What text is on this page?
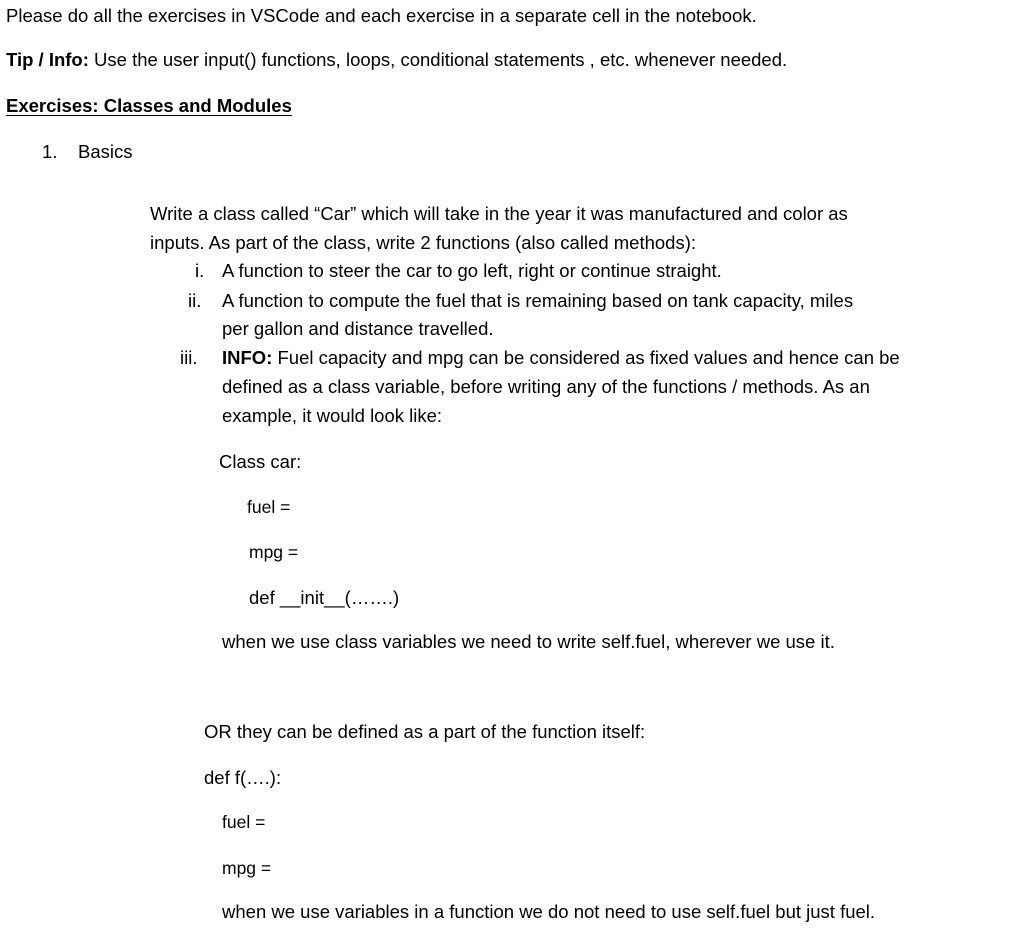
Please do all the exercises in VSCode and each exercise in a separate cell in the notebook.
Tip / Info: Use the user input() functions, loops, conditional statements , etc. whenever needed.
Exercises: Classes and Modules
1. Basics
Write a class called “Car” which will take in the year it was manufactured and color as
inputs. As part of the class, write 2 functions (also called methods):
i. A function to steer the car to go left, right or continue straight.
ii. A function to compute the fuel that is remaining based on tank capacity, miles
per gallon and distance travelled.
iii. INFO: Fuel capacity and mpg can be considered as fixed values and hence can be
defined as a class variable, before writing any of the functions / methods. As an
example, it would look like:
Class car:
fuel =
mpg =
def __init__(…….)
when we use class variables we need to write self.fuel, wherever we use it.
OR they can be defined as a part of the function itself:
def f(….):
fuel =
mpg =
when we use variables in a function we do not need to use self.fuel but just fuel.
